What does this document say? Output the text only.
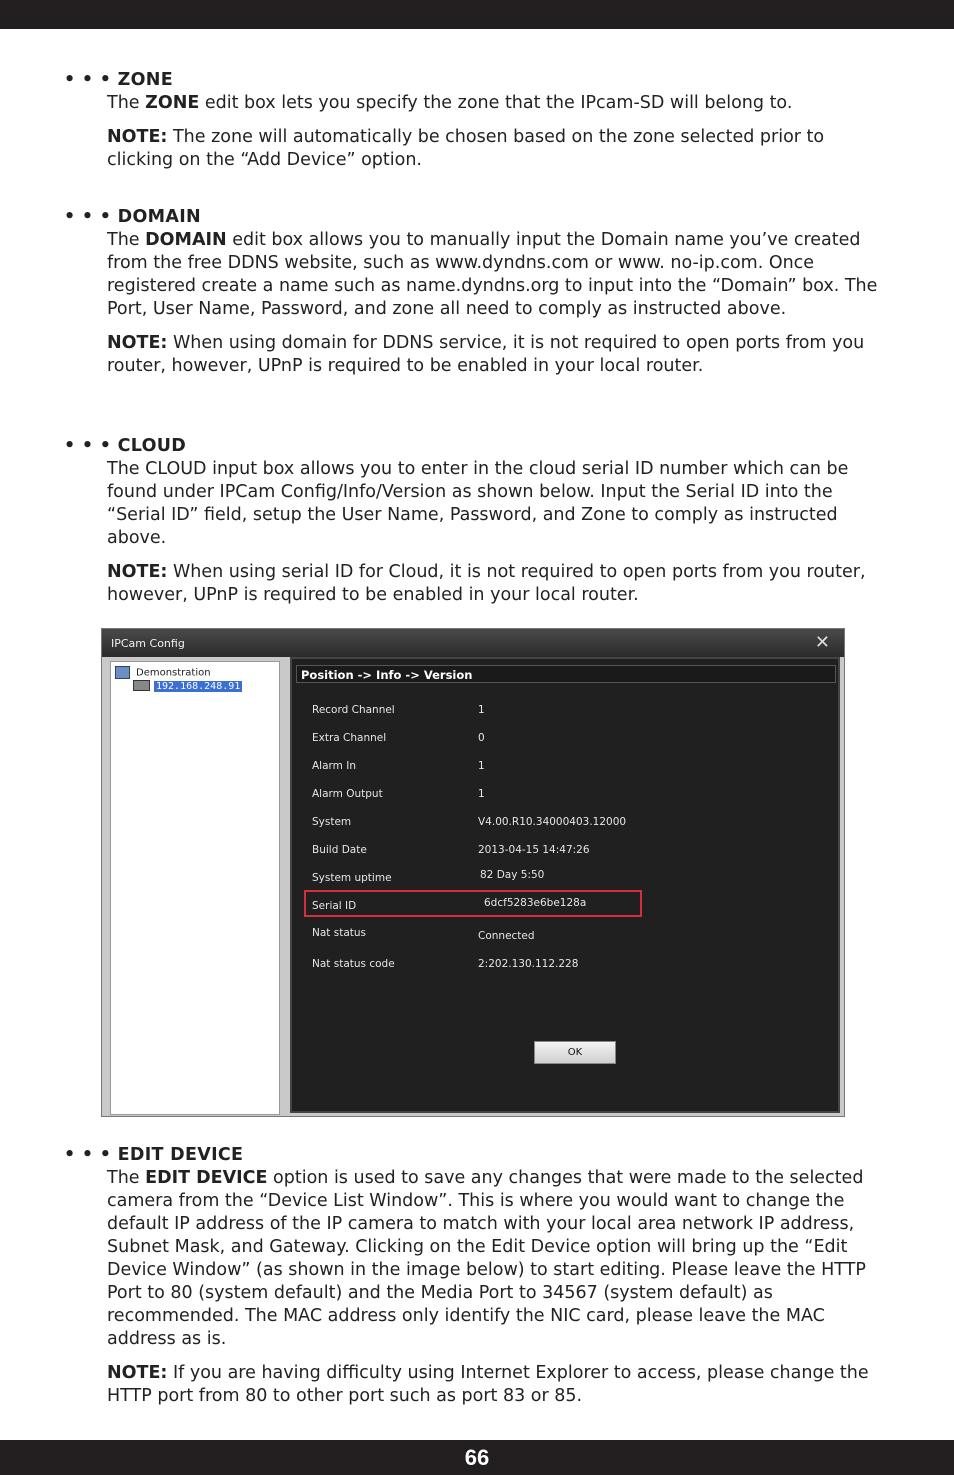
• • • ZONE
The ZONE edit box lets you specify the zone that the IPcam-SD will belong to.
NOTE: The zone will automatically be chosen based on the zone selected prior to clicking on the “Add Device” option.
• • • DOMAIN
The DOMAIN edit box allows you to manually input the Domain name you’ve created from the free DDNS website, such as www.dyndns.com or www. no-ip.com. Once registered create a name such as name.dyndns.org to input into the “Domain” box. The Port, User Name, Password, and zone all need to comply as instructed above.
NOTE: When using domain for DDNS service, it is not required to open ports from you router, however, UPnP is required to be enabled in your local router.
• • • CLOUD
The CLOUD input box allows you to enter in the cloud serial ID number which can be found under IPCam Config/Info/Version as shown below. Input the Serial ID into the “Serial ID” field, setup the User Name, Password, and Zone to comply as instructed above.
NOTE: When using serial ID for Cloud, it is not required to open ports from you router, however, UPnP is required to be enabled in your local router.
IPCam Config	✕
Demonstration
192.168.248.91
Position -> Info -> Version
Record Channel	1
Extra Channel	0
Alarm In	1
Alarm Output	1
System	V4.00.R10.34000403.12000
Build Date	2013-04-15 14:47:26
System uptime	82 Day 5:50
Serial ID	6dcf5283e6be128a
Nat status	Connected
Nat status code	2:202.130.112.228
OK
• • • EDIT DEVICE
The EDIT DEVICE option is used to save any changes that were made to the selected camera from the “Device List Window”. This is where you would want to change the default IP address of the IP camera to match with your local area network IP address, Subnet Mask, and Gateway. Clicking on the Edit Device option will bring up the “Edit Device Window” (as shown in the image below) to start editing. Please leave the HTTP Port to 80 (system default) and the Media Port to 34567 (system default) as recommended. The MAC address only identify the NIC card, please leave the MAC address as is.
NOTE: If you are having difficulty using Internet Explorer to access, please change the HTTP port from 80 to other port such as port 83 or 85.
66
